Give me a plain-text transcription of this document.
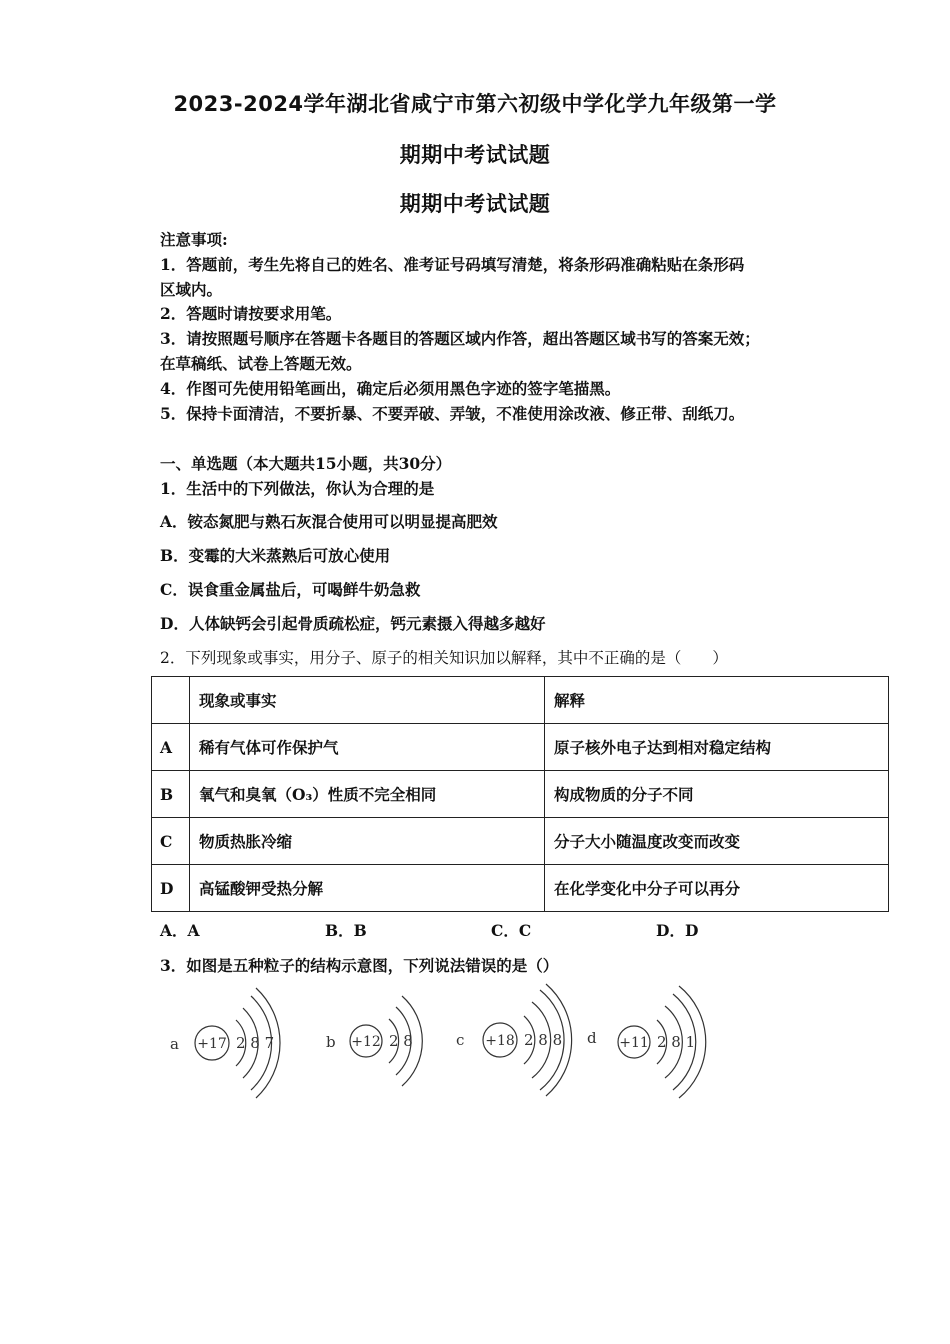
2023-2024学年湖北省咸宁市第六初级中学化学九年级第一学
期期中考试试题
期期中考试试题
注意事项:
1．答题前，考生先将自己的姓名、准考证号码填写清楚，将条形码准确粘贴在条形码
区域内。
2．答题时请按要求用笔。
3．请按照题号顺序在答题卡各题目的答题区域内作答，超出答题区域书写的答案无效；
在草稿纸、试卷上答题无效。
4．作图可先使用铅笔画出，确定后必须用黑色字迹的签字笔描黑。
5．保持卡面清洁，不要折暴、不要弄破、弄皱，不准使用涂改液、修正带、刮纸刀。
一、单选题（本大题共15小题，共30分）
1．生活中的下列做法，你认为合理的是
A．铵态氮肥与熟石灰混合使用可以明显提高肥效
B．变霉的大米蒸熟后可放心使用
C．误食重金属盐后，可喝鲜牛奶急救
D．人体缺钙会引起骨质疏松症，钙元素摄入得越多越好
2．下列现象或事实，用分子、原子的相关知识加以解释，其中不正确的是（　　）
	现象或事实	解释
A	稀有气体可作保护气	原子核外电子达到相对稳定结构
B	氧气和臭氧（O₃）性质不完全相同	构成物质的分子不同
C	物质热胀冷缩	分子大小随温度改变而改变
D	高锰酸钾受热分解	在化学变化中分子可以再分
A．A	B．B	C．C	D．D
3．如图是五种粒子的结构示意图，下列说法错误的是（）
a +17 2 8 7	b +12 2 8	c +18 2 8 8 d +11 2 8 1
